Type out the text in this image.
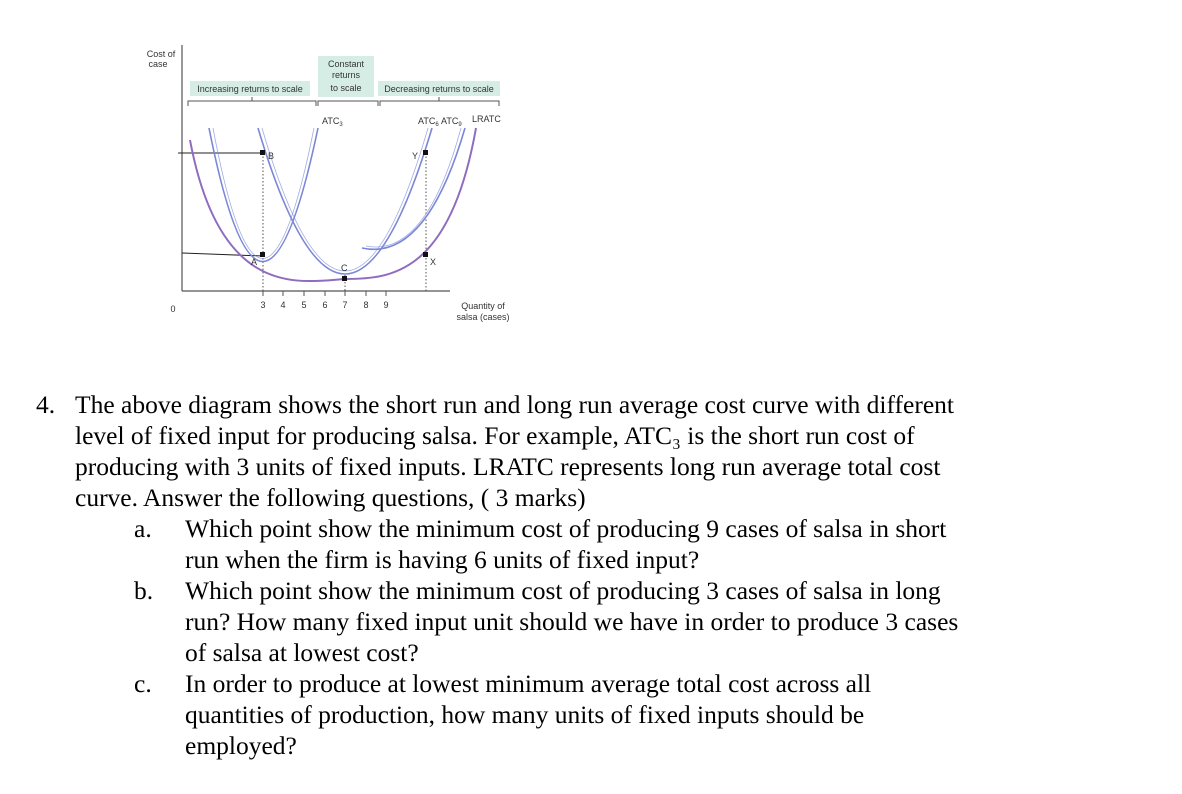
Increasing returns to scale
Constant
returns
to scale	Decreasing returns to scale
Cost of
case
0	Quantity of
salsa (cases)
3 4 5 6 7 8 9
$ATC_3$	$ATC_6$ $ATC_9$
LRATC
B
A
C
Y
X
4. The above diagram shows the short run and long run average cost curve with different
level of fixed input for producing salsa. For example, ATC₃ is the short run cost of
producing with 3 units of fixed inputs. LRATC represents long run average total cost
curve. Answer the following questions, ( 3 marks)
a. Which point show the minimum cost of producing 9 cases of salsa in short
run when the firm is having 6 units of fixed input?
b. Which point show the minimum cost of producing 3 cases of salsa in long
run? How many fixed input unit should we have in order to produce 3 cases
of salsa at lowest cost?
c. In order to produce at lowest minimum average total cost across all
quantities of production, how many units of fixed inputs should be
employed?
